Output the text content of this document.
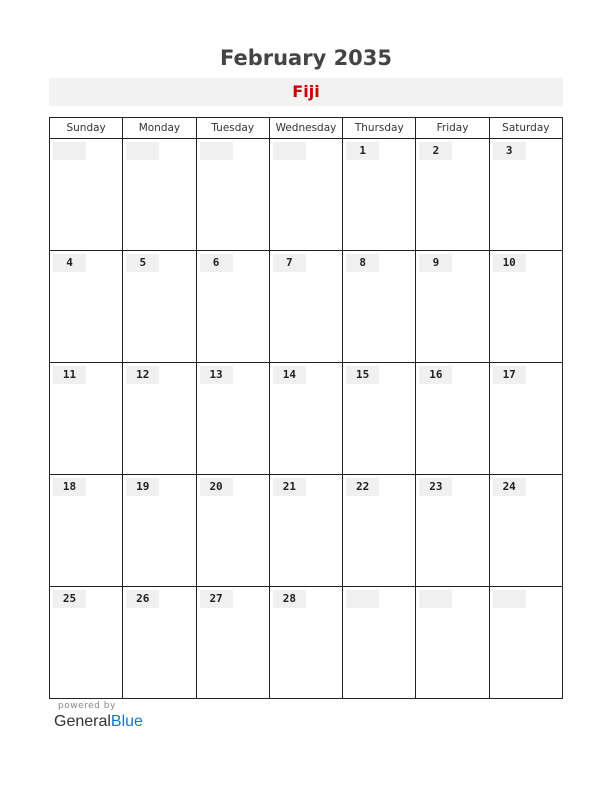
February 2035
Fiji
Sunday	Monday	Tuesday	Wednesday	Thursday	Friday	Saturday

				1	2	3

4	5	6	7	8	9	10

11	12	13	14	15	16	17

18	19	20	21	22	23	24

25	26	27	28			

powered by
GeneralBlue
